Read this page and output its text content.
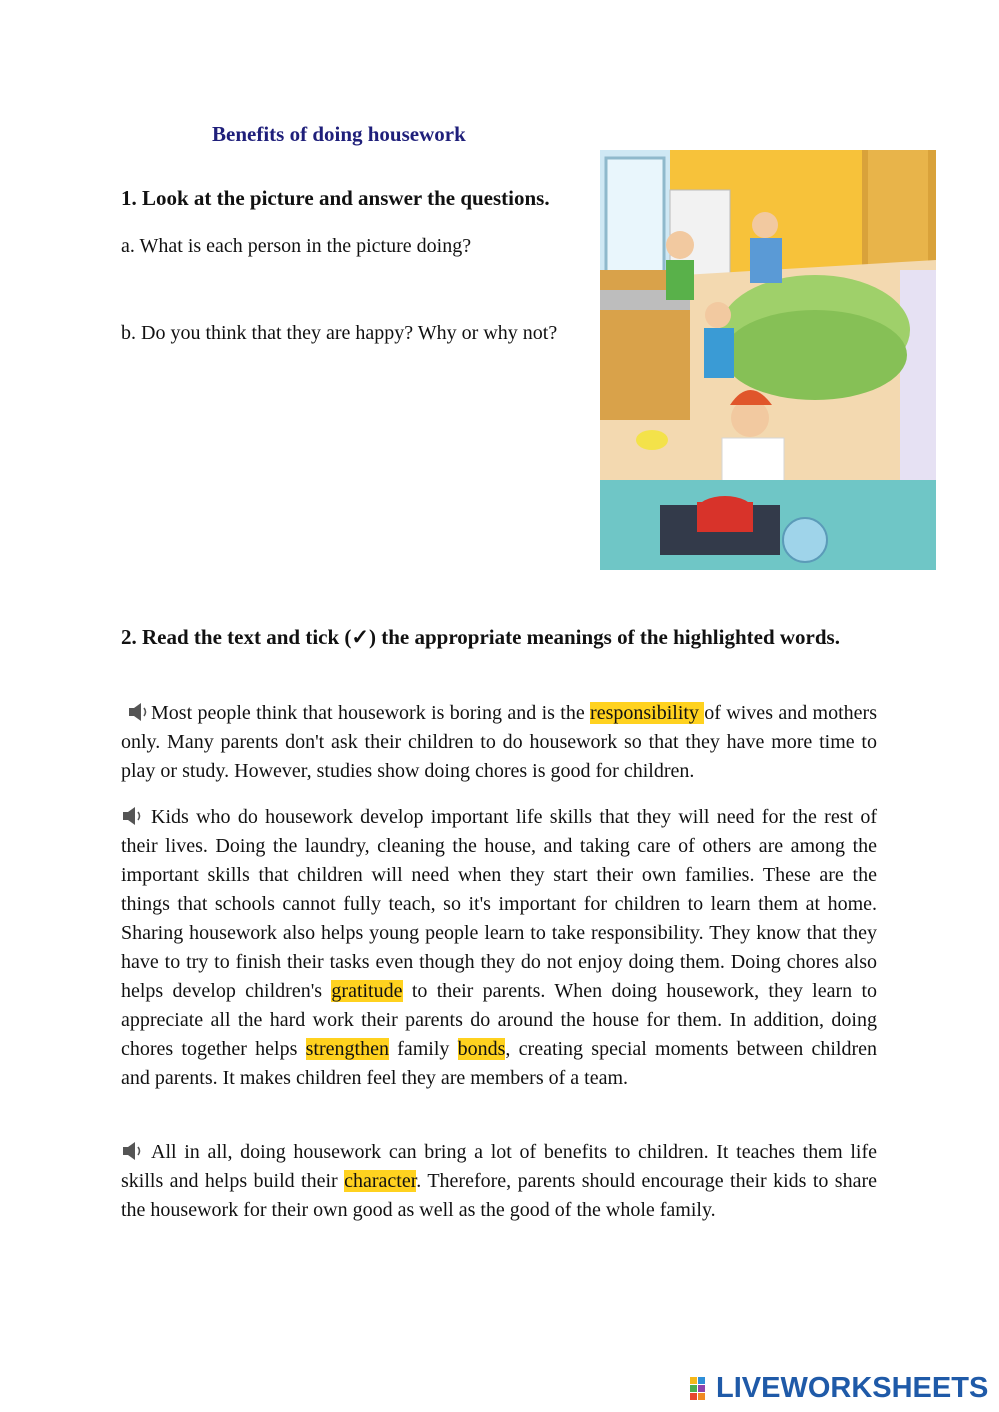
Benefits of doing housework
1. Look at the picture and answer the questions.
a. What is each person in the picture doing?
b. Do you think that they are happy? Why or why not?
2. Read the text and tick (✓) the appropriate meanings of the highlighted words.
Most people think that housework is boring and is the responsibility of wives and mothers only. Many parents don't ask their children to do housework so that they have more time to play or study. However, studies show doing chores is good for children.
Kids who do housework develop important life skills that they will need for the rest of their lives. Doing the laundry, cleaning the house, and taking care of others are among the important skills that children will need when they start their own families. These are the things that schools cannot fully teach, so it's important for children to learn them at home. Sharing housework also helps young people learn to take responsibility. They know that they have to try to finish their tasks even though they do not enjoy doing them. Doing chores also helps develop children's gratitude to their parents. When doing housework, they learn to appreciate all the hard work their parents do around the house for them. In addition, doing chores together helps strengthen family bonds, creating special moments between children and parents. It makes children feel they are members of a team.
All in all, doing housework can bring a lot of benefits to children. It teaches them life skills and helps build their character. Therefore, parents should encourage their kids to share the housework for their own good as well as the good of the whole family.
LIVEWORKSHEETS
